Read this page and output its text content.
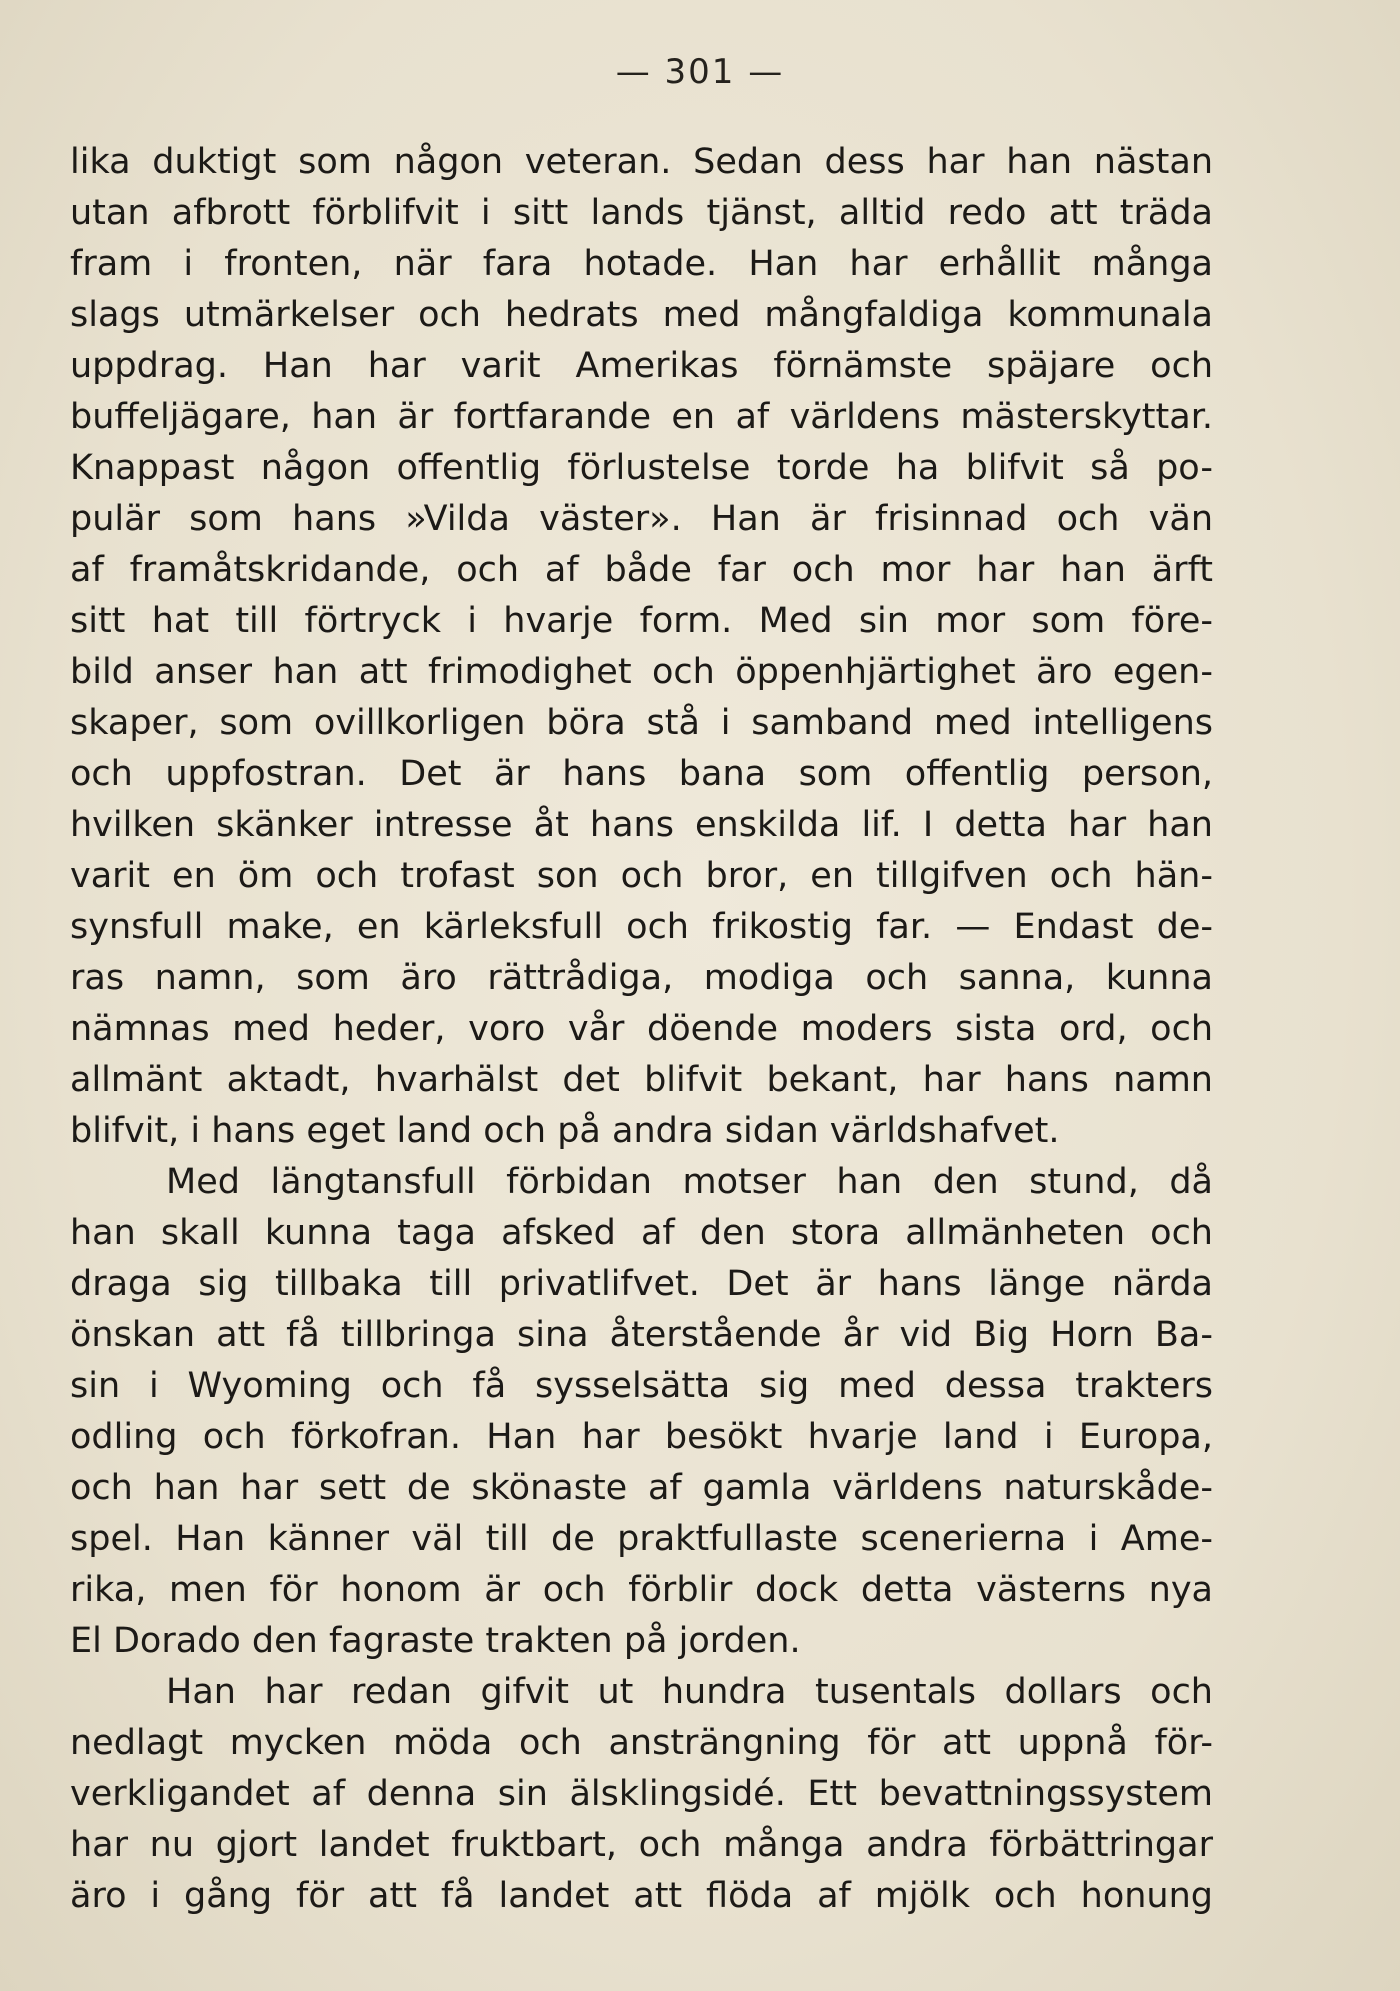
— 301 —
lika duktigt som någon veteran. Sedan dess har han nästan
utan afbrott förblifvit i sitt lands tjänst, alltid redo att träda
fram i fronten, när fara hotade. Han har erhållit många
slags utmärkelser och hedrats med mångfaldiga kommunala
uppdrag. Han har varit Amerikas förnämste späjare och
buffeljägare, han är fortfarande en af världens mästerskyttar.
Knappast någon offentlig förlustelse torde ha blifvit så po-
pulär som hans »Vilda väster». Han är frisinnad och vän
af framåtskridande, och af både far och mor har han ärft
sitt hat till förtryck i hvarje form. Med sin mor som före-
bild anser han att frimodighet och öppenhjärtighet äro egen-
skaper, som ovillkorligen böra stå i samband med intelligens
och uppfostran. Det är hans bana som offentlig person,
hvilken skänker intresse åt hans enskilda lif. I detta har han
varit en öm och trofast son och bror, en tillgifven och hän-
synsfull make, en kärleksfull och frikostig far. — Endast de-
ras namn, som äro rättrådiga, modiga och sanna, kunna
nämnas med heder, voro vår döende moders sista ord, och
allmänt aktadt, hvarhälst det blifvit bekant, har hans namn
blifvit, i hans eget land och på andra sidan världshafvet.
Med längtansfull förbidan motser han den stund, då
han skall kunna taga afsked af den stora allmänheten och
draga sig tillbaka till privatlifvet. Det är hans länge närda
önskan att få tillbringa sina återstående år vid Big Horn Ba-
sin i Wyoming och få sysselsätta sig med dessa trakters
odling och förkofran. Han har besökt hvarje land i Europa,
och han har sett de skönaste af gamla världens naturskåde-
spel. Han känner väl till de praktfullaste scenerierna i Ame-
rika, men för honom är och förblir dock detta västerns nya
El Dorado den fagraste trakten på jorden.
Han har redan gifvit ut hundra tusentals dollars och
nedlagt mycken möda och ansträngning för att uppnå för-
verkligandet af denna sin älsklingsidé. Ett bevattningssystem
har nu gjort landet fruktbart, och många andra förbättringar
äro i gång för att få landet att flöda af mjölk och honung
